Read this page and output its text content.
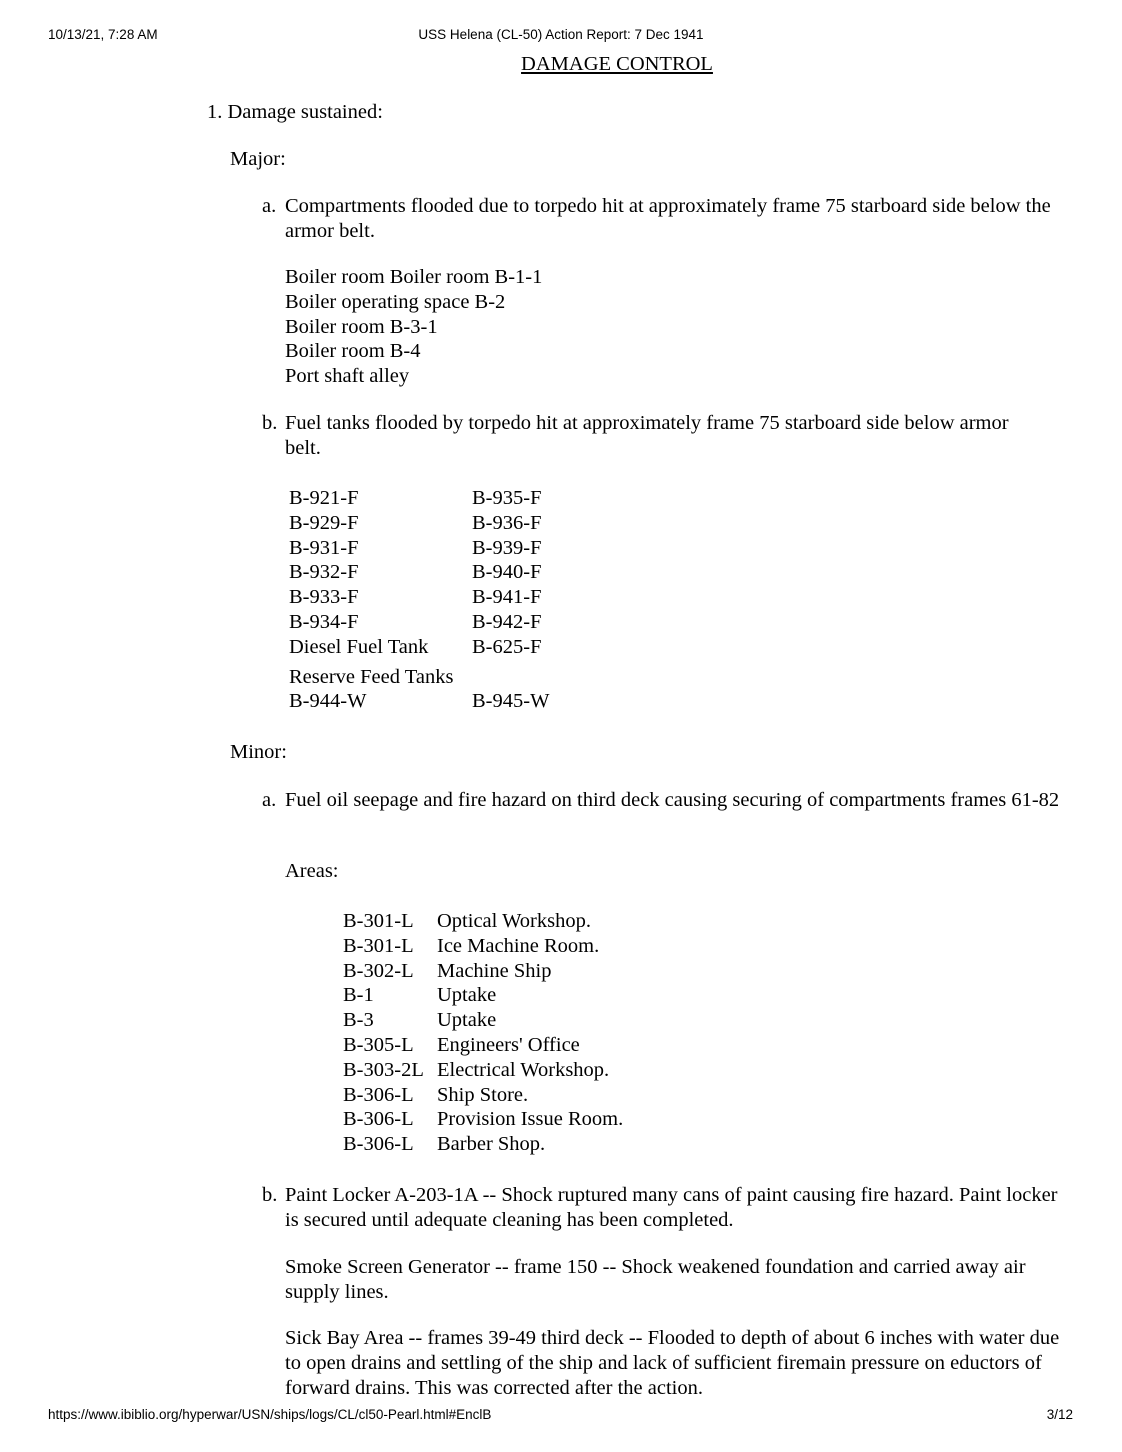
10/13/21, 7:28 AM	USS Helena (CL-50) Action Report: 7 Dec 1941
DAMAGE CONTROL
1. Damage sustained:
Major:
a. Compartments flooded due to torpedo hit at approximately frame 75 starboard side below the armor belt.
Boiler room Boiler room B-1-1
Boiler operating space B-2
Boiler room B-3-1
Boiler room B-4
Port shaft alley
b. Fuel tanks flooded by torpedo hit at approximately frame 75 starboard side below armor belt.
B-921-F	B-935-F
B-929-F	B-936-F
B-931-F	B-939-F
B-932-F	B-940-F
B-933-F	B-941-F
B-934-F	B-942-F
Diesel Fuel Tank	B-625-F
Reserve Feed Tanks
B-944-W	B-945-W
Minor:
a. Fuel oil seepage and fire hazard on third deck causing securing of compartments frames 61-82
Areas:
B-301-L	Optical Workshop.
B-301-L	Ice Machine Room.
B-302-L	Machine Ship
B-1	Uptake
B-3	Uptake
B-305-L	Engineers' Office
B-303-2L	Electrical Workshop.
B-306-L	Ship Store.
B-306-L	Provision Issue Room.
B-306-L	Barber Shop.
b. Paint Locker A-203-1A -- Shock ruptured many cans of paint causing fire hazard. Paint locker is secured until adequate cleaning has been completed.
Smoke Screen Generator -- frame 150 -- Shock weakened foundation and carried away air supply lines.
Sick Bay Area -- frames 39-49 third deck -- Flooded to depth of about 6 inches with water due to open drains and settling of the ship and lack of sufficient firemain pressure on eductors of forward drains. This was corrected after the action.
https://www.ibiblio.org/hyperwar/USN/ships/logs/CL/cl50-Pearl.html#EnclB	3/12
